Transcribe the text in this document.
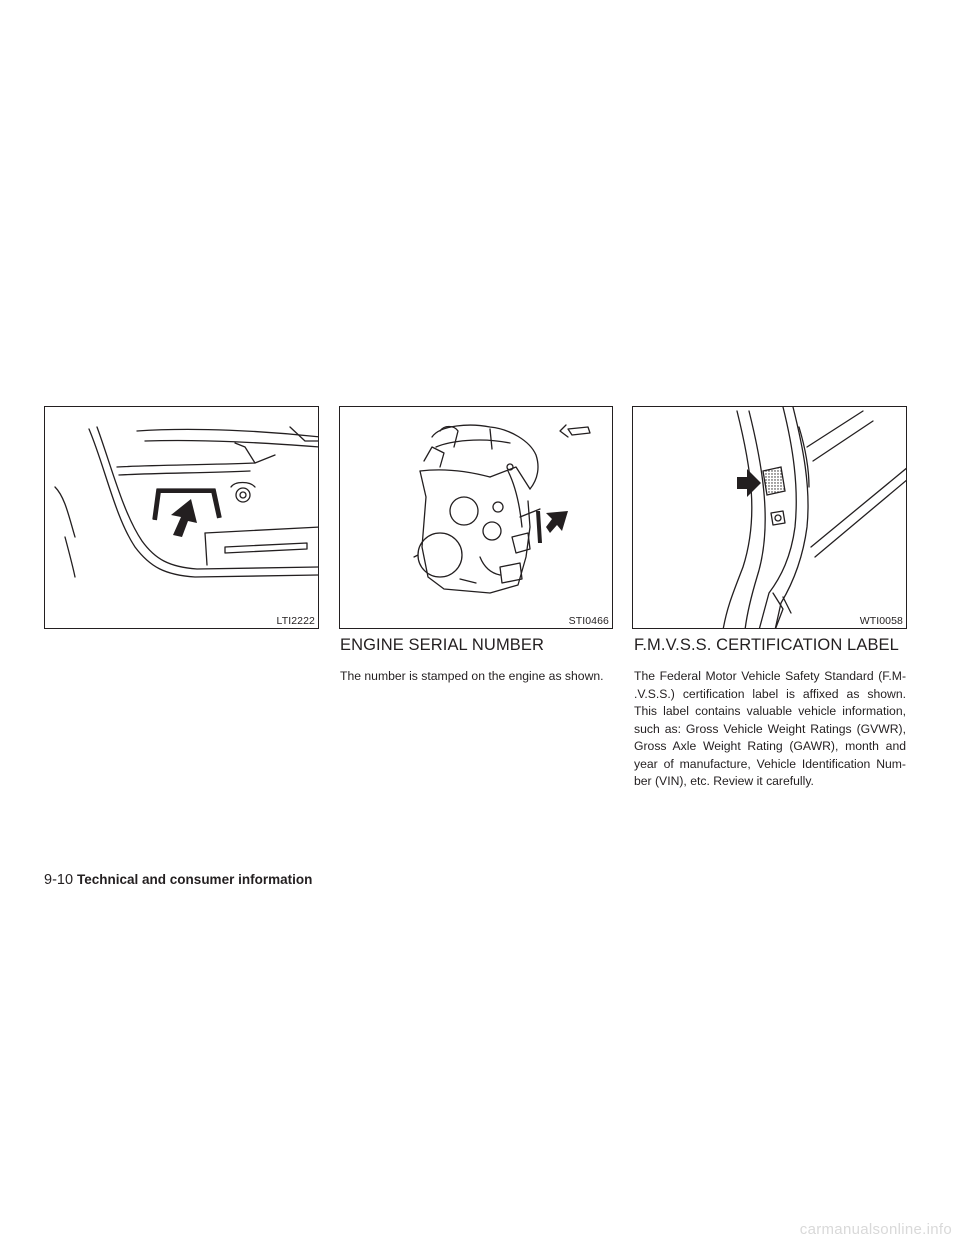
LTI2222	STI0466	WTI0058
ENGINE SERIAL NUMBER

The number is stamped on the engine as shown.

F.M.V.S.S. CERTIFICATION LABEL

The Federal Motor Vehicle Safety Standard (F.M-
.V.S.S.) certification label is affixed as shown.
This label contains valuable vehicle information,
such as: Gross Vehicle Weight Ratings (GVWR),
Gross Axle Weight Rating (GAWR), month and
year of manufacture, Vehicle Identification Num-
ber (VIN), etc. Review it carefully.

9-10 Technical and consumer information
carmanualsonline.info
